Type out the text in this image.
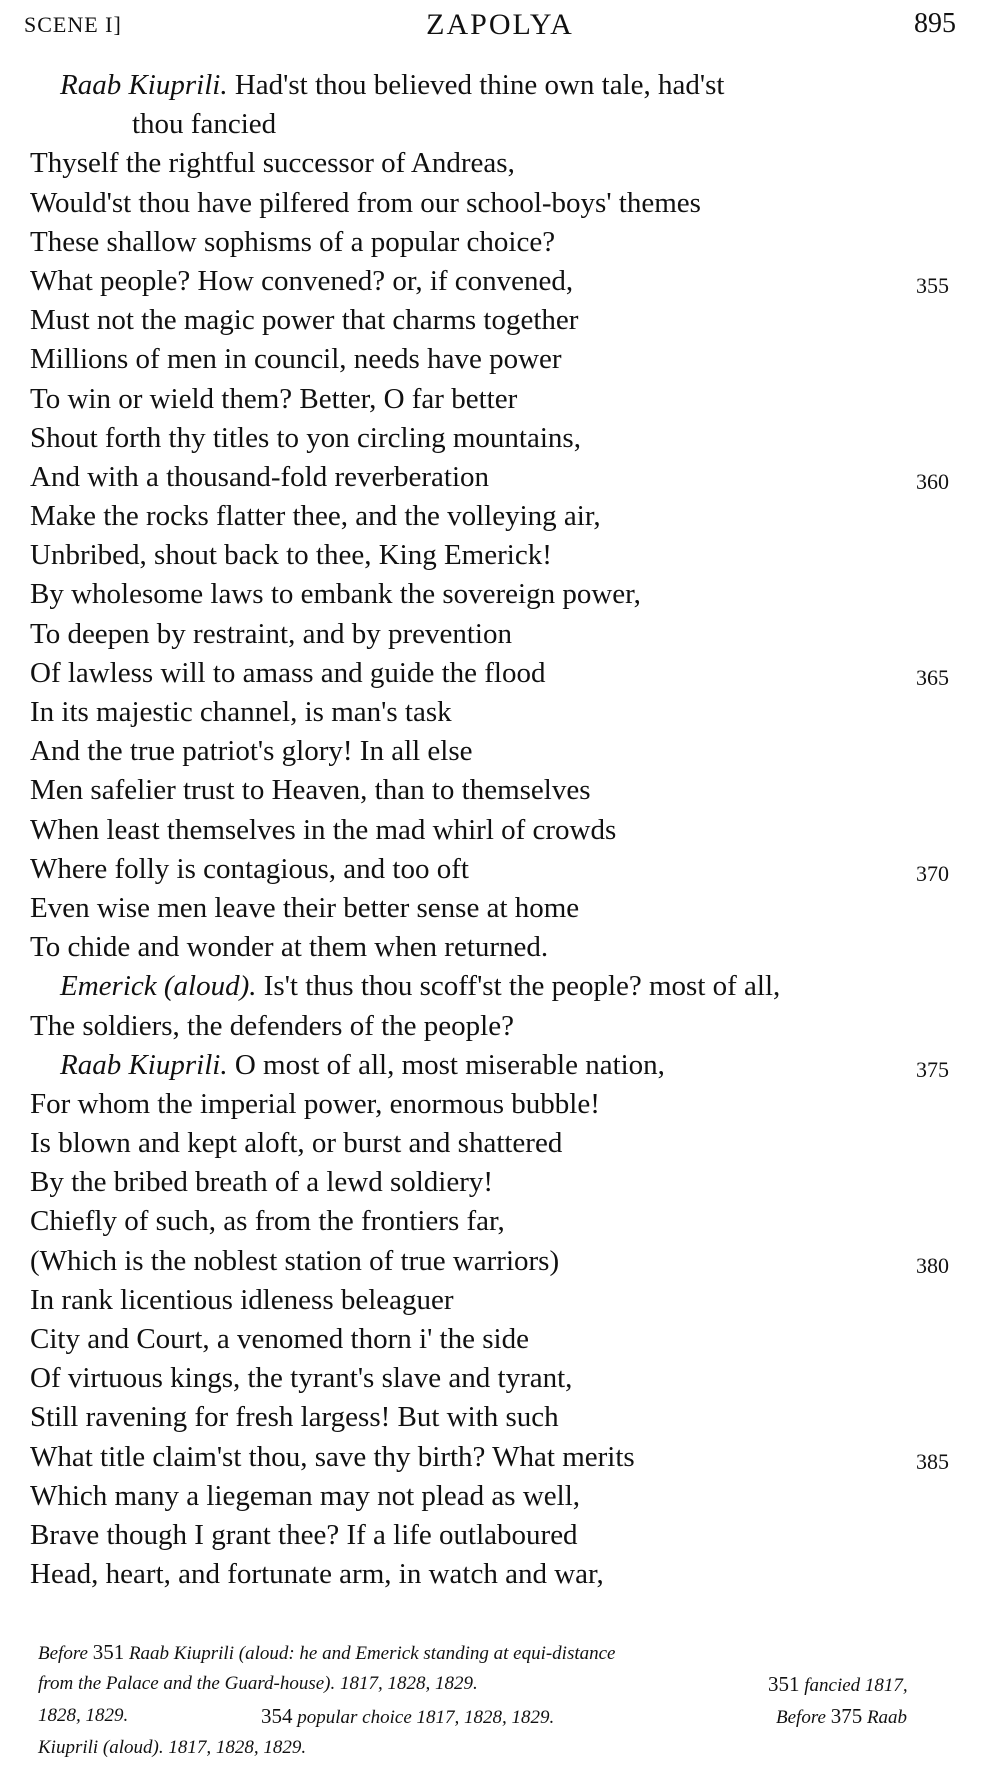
SCENE I]	ZAPOLYA	895
Raab Kiuprili. Had'st thou believed thine own tale, had'st
thou fancied
Thyself the rightful successor of Andreas,
Would'st thou have pilfered from our school-boys' themes
These shallow sophisms of a popular choice?
What people? How convened? or, if convened,	355
Must not the magic power that charms together
Millions of men in council, needs have power
To win or wield them? Better, O far better
Shout forth thy titles to yon circling mountains,
And with a thousand-fold reverberation	360
Make the rocks flatter thee, and the volleying air,
Unbribed, shout back to thee, King Emerick!
By wholesome laws to embank the sovereign power,
To deepen by restraint, and by prevention
Of lawless will to amass and guide the flood	365
In its majestic channel, is man's task
And the true patriot's glory! In all else
Men safelier trust to Heaven, than to themselves
When least themselves in the mad whirl of crowds
Where folly is contagious, and too oft	370
Even wise men leave their better sense at home
To chide and wonder at them when returned.
Emerick (aloud). Is't thus thou scoff'st the people? most of all,
The soldiers, the defenders of the people?
Raab Kiuprili. O most of all, most miserable nation,	375
For whom the imperial power, enormous bubble!
Is blown and kept aloft, or burst and shattered
By the bribed breath of a lewd soldiery!
Chiefly of such, as from the frontiers far,
(Which is the noblest station of true warriors)	380
In rank licentious idleness beleaguer
City and Court, a venomed thorn i' the side
Of virtuous kings, the tyrant's slave and tyrant,
Still ravening for fresh largess! But with such
What title claim'st thou, save thy birth? What merits	385
Which many a liegeman may not plead as well,
Brave though I grant thee? If a life outlaboured
Head, heart, and fortunate arm, in watch and war,
Before 351 Raab Kiuprili (aloud: he and Emerick standing at equi-distance
from the Palace and the Guard-house). 1817, 1828, 1829.	351 fancied 1817,
1828, 1829.	354 popular choice 1817, 1828, 1829.	Before 375 Raab
Kiuprili (aloud). 1817, 1828, 1829.
